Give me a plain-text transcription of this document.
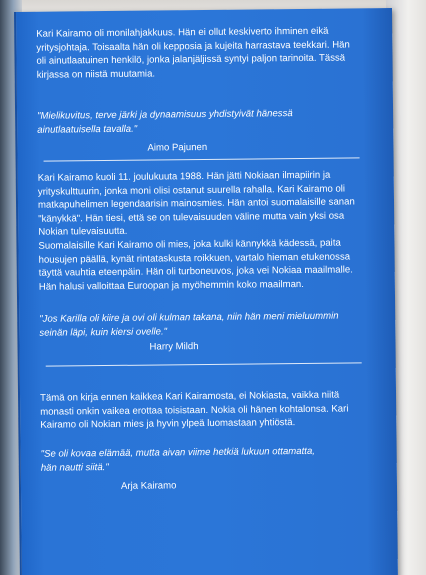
Kari Kairamo oli monilahjakkuus. Hän ei ollut keskiverto ihminen eikä
yritysjohtaja. Toisaalta hän oli kepposia ja kujeita harrastava teekkari. Hän
oli ainutlaatuinen henkilö, jonka jalanjäljissä syntyi paljon tarinoita. Tässä
kirjassa on niistä muutamia.

"Mielikuvitus, terve järki ja dynaamisuus yhdistyivät hänessä
ainutlaatuisella tavalla."

Aimo Pajunen

Kari Kairamo kuoli 11. joulukuuta 1988. Hän jätti Nokiaan ilmapiirin ja
yrityskulttuurin, jonka moni olisi ostanut suurella rahalla. Kari Kairamo oli
matkapuhelimen legendaarisin mainosmies. Hän antoi suomalaisille sanan
"känykkä". Hän tiesi, että se on tulevaisuuden väline mutta vain yksi osa
Nokian tulevaisuutta.
Suomalaisille Kari Kairamo oli mies, joka kulki kännykkä kädessä, paita
housujen päällä, kynät rintataskusta roikkuen, vartalo hieman etukenossa
täyttä vauhtia eteenpäin. Hän oli turboneuvos, joka vei Nokiaa maailmalle.
Hän halusi valloittaa Euroopan ja myöhemmin koko maailman.

"Jos Karilla oli kiire ja ovi oli kulman takana, niin hän meni mieluummin
seinän läpi, kuin kiersi ovelle."

Harry Mildh

Tämä on kirja ennen kaikkea Kari Kairamosta, ei Nokiasta, vaikka niitä
monasti onkin vaikea erottaa toisistaan. Nokia oli hänen kohtalonsa. Kari
Kairamo oli Nokian mies ja hyvin ylpeä luomastaan yhtiöstä.

"Se oli kovaa elämää, mutta aivan viime hetkiä lukuun ottamatta,
hän nautti siitä."

Arja Kairamo
